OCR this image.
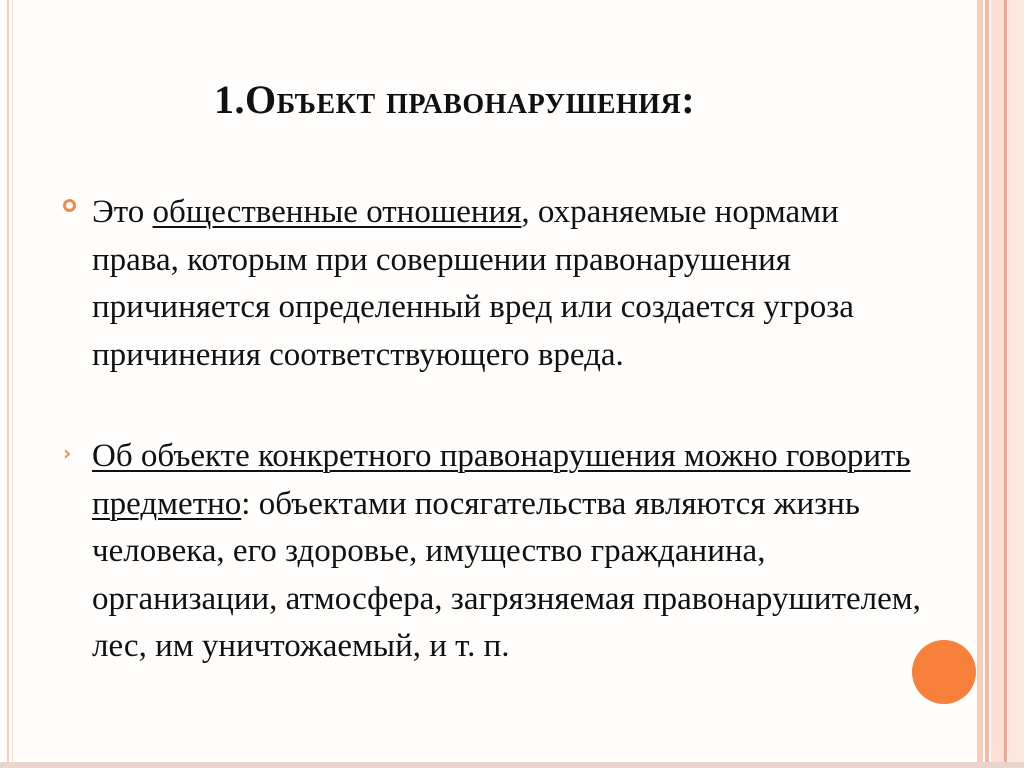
1.Объект правонарушения:
Это общественные отношения, охраняемые нормами права, которым при совершении правонарушения причиняется определенный вред или создается угроза причинения соответствующего вреда.
› Об объекте конкретного правонарушения можно говорить предметно: объектами посягательства являются жизнь человека, его здоровье, имущество гражданина, организации, атмосфера, загрязняемая правонарушителем, лес, им уничтожаемый, и т. п.
